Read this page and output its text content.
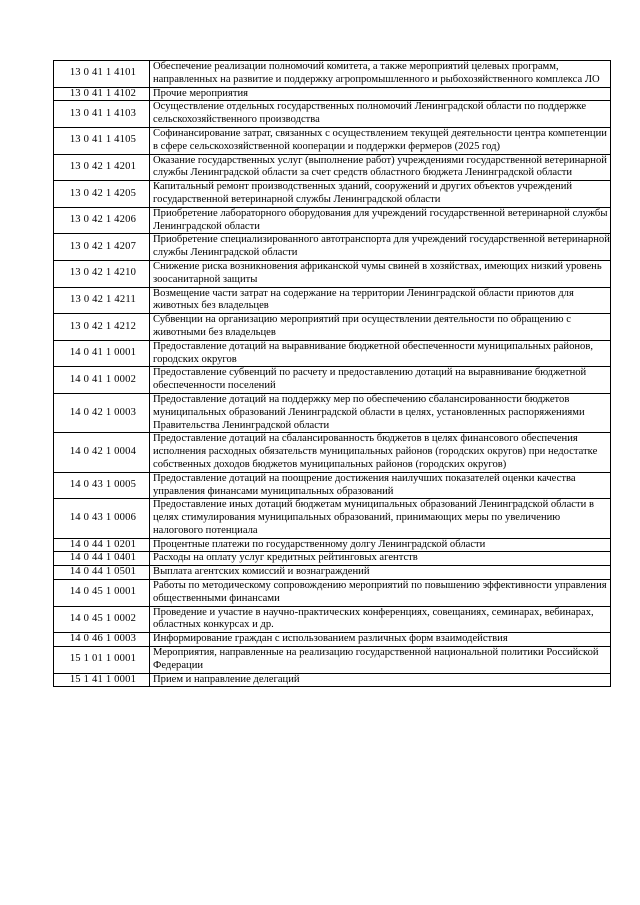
13 0 41 1 4101	Обеспечение реализации полномочий комитета, а также мероприятий целевых программ, направленных на развитие и поддержку агропромышленного и рыбохозяйственного комплекса ЛО
13 0 41 1 4102	Прочие мероприятия
13 0 41 1 4103	Осуществление отдельных государственных полномочий Ленинградской области по поддержке сельскохозяйственного производства
13 0 41 1 4105	Софинансирование затрат, связанных с осуществлением текущей деятельности центра компетенции в сфере сельскохозяйственной кооперации и поддержки фермеров (2025 год)
13 0 42 1 4201	Оказание государственных услуг (выполнение работ) учреждениями государственной ветеринарной службы Ленинградской области за счет средств областного бюджета Ленинградской области
13 0 42 1 4205	Капитальный ремонт производственных зданий, сооружений и других объектов учреждений государственной ветеринарной службы Ленинградской области
13 0 42 1 4206	Приобретение лабораторного оборудования для учреждений государственной ветеринарной службы Ленинградской области
13 0 42 1 4207	Приобретение специализированного автотранспорта для учреждений государственной ветеринарной службы Ленинградской области
13 0 42 1 4210	Снижение риска возникновения африканской чумы свиней в хозяйствах, имеющих низкий уровень зоосанитарной защиты
13 0 42 1 4211	Возмещение части затрат на содержание на территории Ленинградской области приютов для животных без владельцев
13 0 42 1 4212	Субвенции на организацию мероприятий при осуществлении деятельности по обращению с животными без владельцев
14 0 41 1 0001	Предоставление дотаций на выравнивание бюджетной обеспеченности муниципальных районов, городских округов
14 0 41 1 0002	Предоставление субвенций по расчету и предоставлению дотаций на выравнивание бюджетной обеспеченности поселений
14 0 42 1 0003	Предоставление дотаций на поддержку мер по обеспечению сбалансированности бюджетов муниципальных образований Ленинградской области в целях, установленных распоряжениями Правительства Ленинградской области
14 0 42 1 0004	Предоставление дотаций на сбалансированность бюджетов в целях финансового обеспечения исполнения расходных обязательств муниципальных районов (городских округов) при недостатке собственных доходов бюджетов муниципальных районов (городских округов)
14 0 43 1 0005	Предоставление дотаций на поощрение достижения наилучших показателей оценки качества управления финансами муниципальных образований
14 0 43 1 0006	Предоставление иных дотаций бюджетам муниципальных образований Ленинградской области в целях стимулирования муниципальных образований, принимающих меры по увеличению налогового потенциала
14 0 44 1 0201	Процентные платежи по государственному долгу Ленинградской области
14 0 44 1 0401	Расходы на оплату услуг кредитных рейтинговых агентств
14 0 44 1 0501	Выплата агентских комиссий и вознаграждений
14 0 45 1 0001	Работы по методическому сопровождению мероприятий по повышению эффективности управления общественными финансами
14 0 45 1 0002	Проведение и участие в научно-практических конференциях, совещаниях, семинарах, вебинарах, областных конкурсах и др.
14 0 46 1 0003	Информирование граждан с использованием различных форм взаимодействия
15 1 01 1 0001	Мероприятия, направленные на реализацию государственной национальной политики Российской Федерации
15 1 41 1 0001	Прием и направление делегаций
